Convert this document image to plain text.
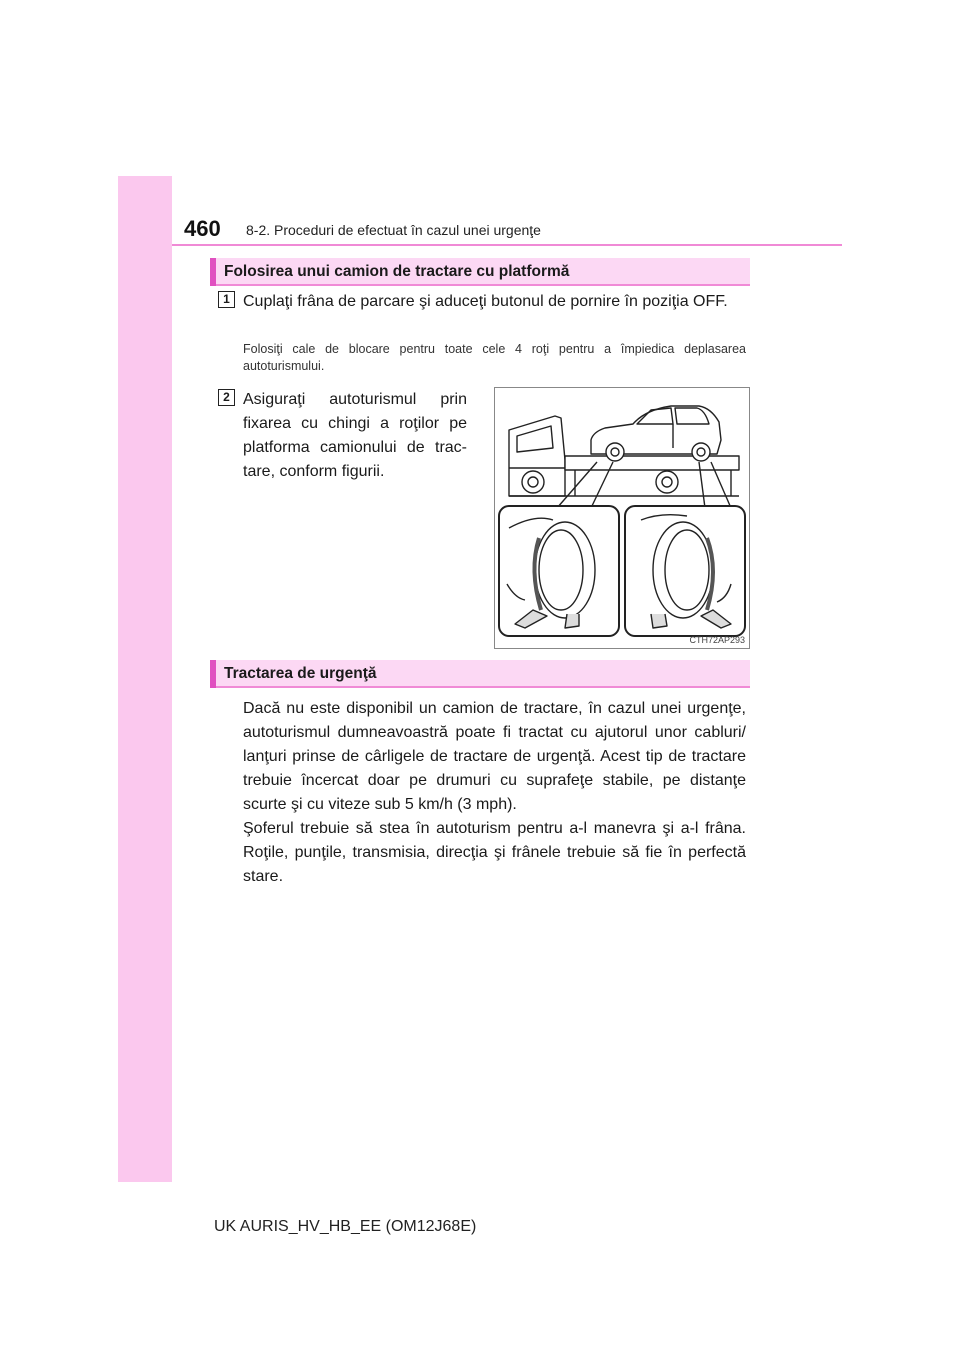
460 8-2. Proceduri de efectuat în cazul unei urgenţe
Folosirea unui camion de tractare cu platformă
1 Cuplaţi frâna de parcare şi aduceţi butonul de pornire în poziţia OFF.
Folosiţi cale de blocare pentru toate cele 4 roţi pentru a împiedica deplasarea autoturismului.
2 Asiguraţi autoturismul prin fixarea cu chingi a roţilor pe platforma camionului de trac- tare, conform figurii.
CTH72AP293
Tractarea de urgenţă
Dacă nu este disponibil un camion de tractare, în cazul unei urgenţe, autoturismul dumneavoastră poate fi tractat cu ajutorul unor cabluri/ lanţuri prinse de cârligele de tractare de urgenţă. Acest tip de tractare trebuie încercat doar pe drumuri cu suprafeţe stabile, pe distanţe scurte şi cu viteze sub 5 km/h (3 mph).
Şoferul trebuie să stea în autoturism pentru a-l manevra şi a-l frâna. Roţile, punţile, transmisia, direcţia şi frânele trebuie să fie în perfectă stare.
UK AURIS_HV_HB_EE (OM12J68E)
